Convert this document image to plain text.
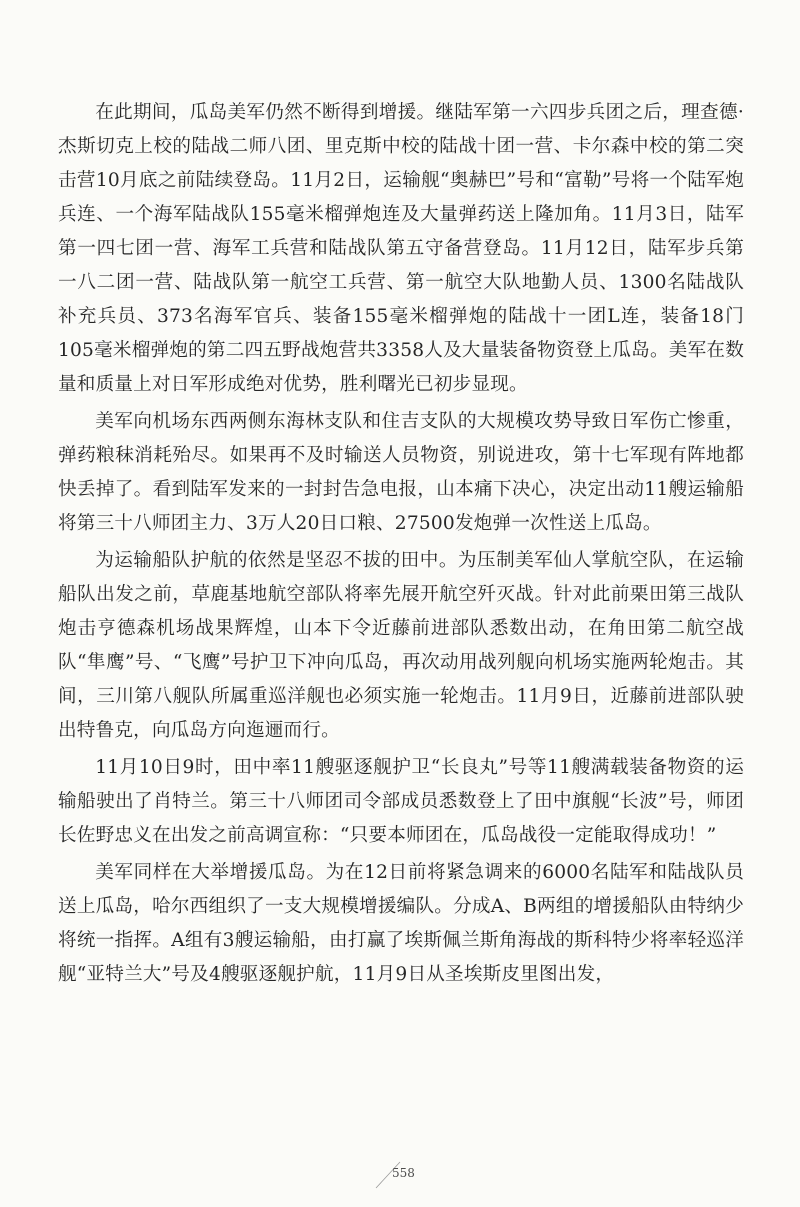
在此期间，瓜岛美军仍然不断得到增援。继陆军第一六四步兵团之后，理查德·杰斯切克上校的陆战二师八团、里克斯中校的陆战十团一营、卡尔森中校的第二突击营10月底之前陆续登岛。11月2日，运输舰“奥赫巴”号和“富勒”号将一个陆军炮兵连、一个海军陆战队155毫米榴弹炮连及大量弹药送上隆加角。11月3日，陆军第一四七团一营、海军工兵营和陆战队第五守备营登岛。11月12日，陆军步兵第一八二团一营、陆战队第一航空工兵营、第一航空大队地勤人员、1300名陆战队补充兵员、373名海军官兵、装备155毫米榴弹炮的陆战十一团L连，装备18门105毫米榴弹炮的第二四五野战炮营共3358人及大量装备物资登上瓜岛。美军在数量和质量上对日军形成绝对优势，胜利曙光已初步显现。

美军向机场东西两侧东海林支队和住吉支队的大规模攻势导致日军伤亡惨重，弹药粮秣消耗殆尽。如果再不及时输送人员物资，别说进攻，第十七军现有阵地都快丢掉了。看到陆军发来的一封封告急电报，山本痛下决心，决定出动11艘运输船将第三十八师团主力、3万人20日口粮、27500发炮弹一次性送上瓜岛。

为运输船队护航的依然是坚忍不拔的田中。为压制美军仙人掌航空队，在运输船队出发之前，草鹿基地航空部队将率先展开航空歼灭战。针对此前栗田第三战队炮击亨德森机场战果辉煌，山本下令近藤前进部队悉数出动，在角田第二航空战队“隼鹰”号、“飞鹰”号护卫下冲向瓜岛，再次动用战列舰向机场实施两轮炮击。其间，三川第八舰队所属重巡洋舰也必须实施一轮炮击。11月9日，近藤前进部队驶出特鲁克，向瓜岛方向迤逦而行。

11月10日9时，田中率11艘驱逐舰护卫“长良丸”号等11艘满载装备物资的运输船驶出了肖特兰。第三十八师团司令部成员悉数登上了田中旗舰“长波”号，师团长佐野忠义在出发之前高调宣称：“只要本师团在，瓜岛战役一定能取得成功！”

美军同样在大举增援瓜岛。为在12日前将紧急调来的6000名陆军和陆战队员送上瓜岛，哈尔西组织了一支大规模增援编队。分成A、B两组的增援船队由特纳少将统一指挥。A组有3艘运输船，由打赢了埃斯佩兰斯角海战的斯科特少将率轻巡洋舰“亚特兰大”号及4艘驱逐舰护航，11月9日从圣埃斯皮里图出发，

558
